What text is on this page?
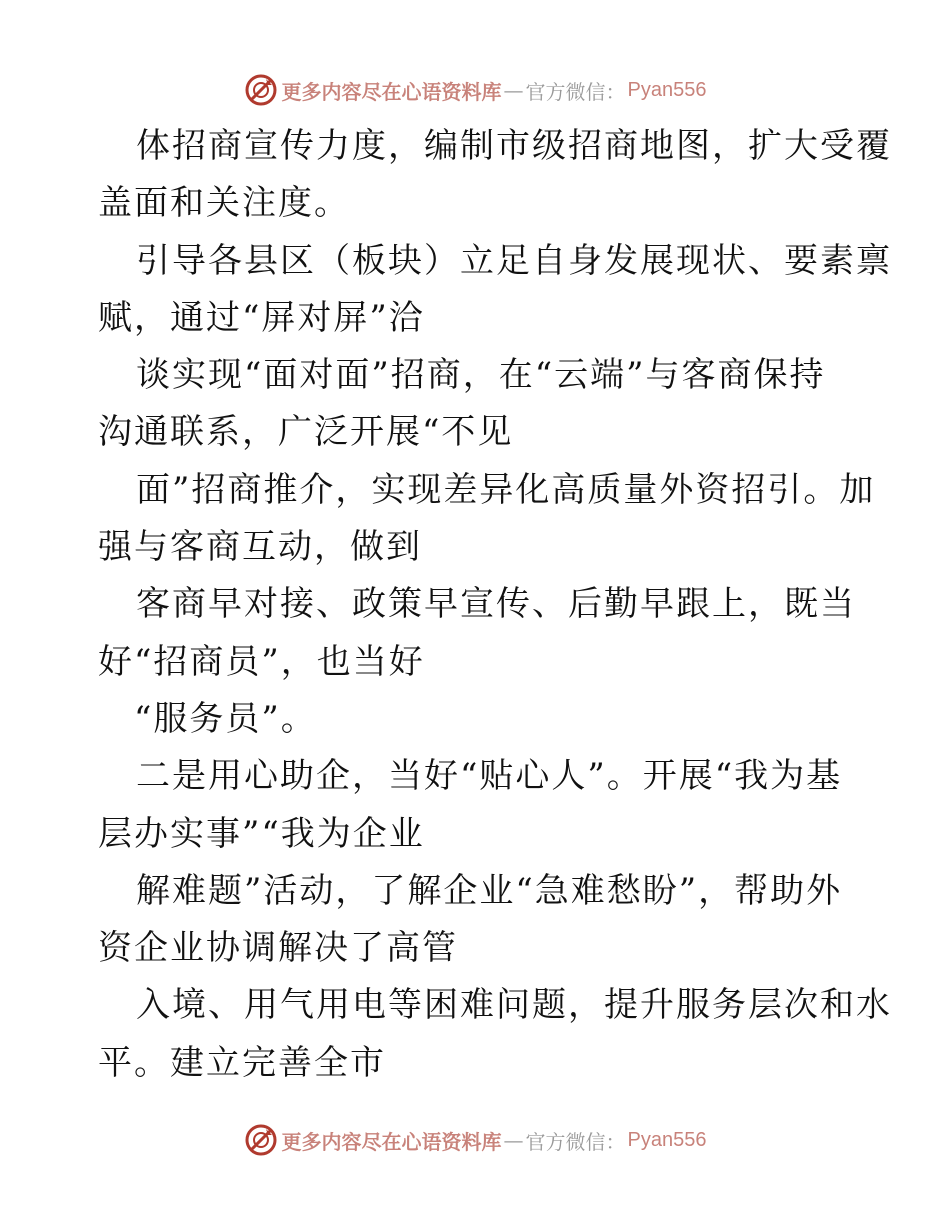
更多内容尽在心语资料库 — 官方微信： Pyan556
体招商宣传力度，编制市级招商地图，扩大受覆
盖面和关注度。
引导各县区（板块）立足自身发展现状、要素禀
赋，通过“屏对屏”洽
谈实现“面对面”招商，在“云端”与客商保持
沟通联系，广泛开展“不见
面”招商推介，实现差异化高质量外资招引。加
强与客商互动，做到
客商早对接、政策早宣传、后勤早跟上，既当
好“招商员”，也当好
“服务员”。
二是用心助企，当好“贴心人”。开展“我为基
层办实事”“我为企业
解难题”活动，了解企业“急难愁盼”，帮助外
资企业协调解决了高管
入境、用气用电等困难问题，提升服务层次和水
平。建立完善全市
更多内容尽在心语资料库 — 官方微信： Pyan556
